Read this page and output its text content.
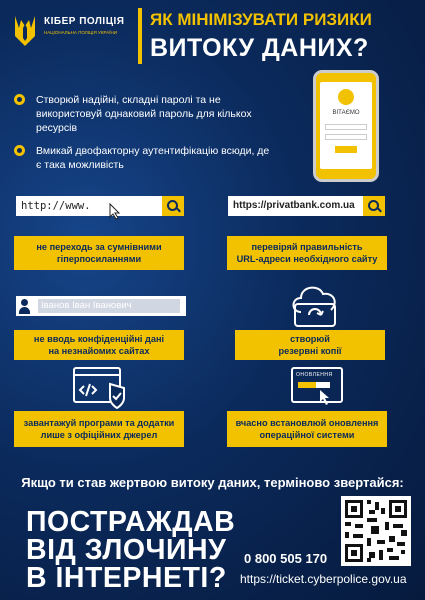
КІБЕР ПОЛІЦІЯ
НАЦІОНАЛЬНА ПОЛІЦІЯ УКРАЇНИ
ЯК МІНІМІЗУВАТИ РИЗИКИ
ВИТОКУ ДАНИХ?
Створюй надійні, складні паролі та не використовуй однаковий пароль для кількох ресурсів
Вмикай двофакторну аутентифікацію всюди, де є така можливість
ВІТАЄМО
http://www.	https://privatbank.com.ua
не переходь за сумнівними
гіперпосиланнями
перевіряй правильність
URL-адреси необхідного сайту
Іванов Іван Іванович
не вводь конфіденційні дані
на незнайомих сайтах
створюй
резервні копії
ОНОВЛЕННЯ
завантажуй програми та додатки
лише з офіційних джерел
вчасно встановлюй оновлення
операційної системи
Якщо ти став жертвою витоку даних, терміново звертайся:
ПОСТРАЖДАВ
ВІД ЗЛОЧИНУ
В ІНТЕРНЕТІ?
0 800 505 170
https://ticket.cyberpolice.gov.ua
